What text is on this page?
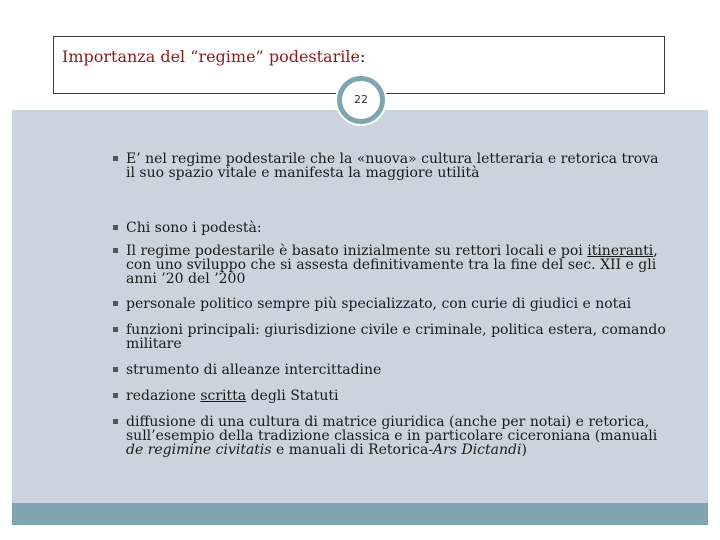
Importanza del “regime” podestarile:
22
E’ nel regime podestarile che la «nuova» cultura letteraria e retorica trova il suo spazio vitale e manifesta la maggiore utilità
Chi sono i podestà:
Il regime podestarile è basato inizialmente su rettori locali e poi itineranti, con uno sviluppo che si assesta definitivamente tra la fine del sec. XII e gli anni ’20 del ’200
personale politico sempre più specializzato, con curie di giudici e notai
funzioni principali: giurisdizione civile e criminale, politica estera, comando militare
strumento di alleanze intercittadine
redazione scritta degli Statuti
diffusione di una cultura di matrice giuridica (anche per notai) e retorica, sull’esempio della tradizione classica e in particolare ciceroniana (manuali de regimine civitatis e manuali di Retorica-Ars Dictandi)
